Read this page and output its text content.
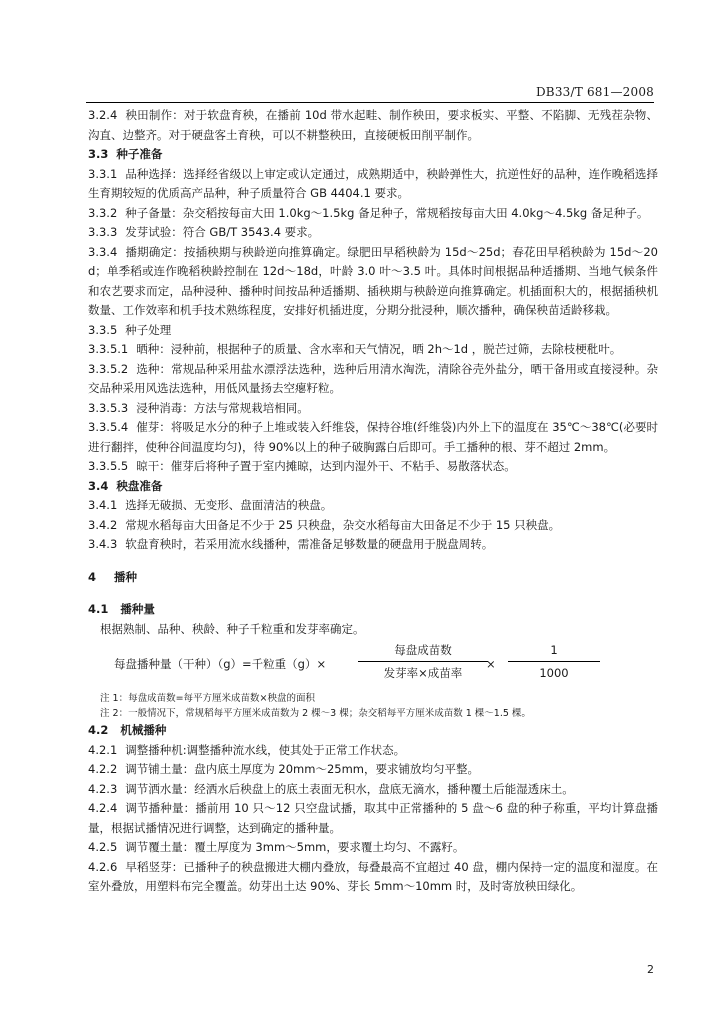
DB33/T 681—2008

3.2.4 秧田制作：对于软盘育秧，在播前 10d 带水起畦、制作秧田，要求板实、平整、不陷脚、无残茬杂物、沟直、边整齐。对于硬盘客土育秧，可以不耕整秧田，直接硬板田削平制作。

3.3 种子准备

3.3.1 品种选择：选择经省级以上审定或认定通过，成熟期适中，秧龄弹性大，抗逆性好的品种，连作晚稻选择生育期较短的优质高产品种，种子质量符合 GB 4404.1 要求。

3.3.2 种子备量：杂交稻按每亩大田 1.0kg～1.5kg 备足种子，常规稻按每亩大田 4.0kg～4.5kg 备足种子。

3.3.3 发芽试验：符合 GB/T 3543.4 要求。

3.3.4 播期确定：按插秧期与秧龄逆向推算确定。绿肥田早稻秧龄为 15d～25d；春花田早稻秧龄为 15d～20d；单季稻或连作晚稻秧龄控制在 12d～18d，叶龄 3.0 叶～3.5 叶。具体时间根据品种适播期、当地气候条件和农艺要求而定，品种浸种、播种时间按品种适播期、插秧期与秧龄逆向推算确定。机插面积大的，根据插秧机数量、工作效率和机手技术熟练程度，安排好机插进度，分期分批浸种，顺次播种，确保秧苗适龄移栽。

3.3.5 种子处理

3.3.5.1 晒种：浸种前，根据种子的质量、含水率和天气情况，晒 2h～1d ，脱芒过筛，去除枝梗秕叶。

3.3.5.2 选种：常规品种采用盐水漂浮法选种，选种后用清水淘洗，清除谷壳外盐分，晒干备用或直接浸种。杂交品种采用风选法选种，用低风量扬去空瘪籽粒。

3.3.5.3 浸种消毒：方法与常规栽培相同。

3.3.5.4 催芽：将吸足水分的种子上堆或装入纤维袋，保持谷堆(纤维袋)内外上下的温度在 35℃～38℃(必要时进行翻拌，使种谷间温度均匀)，待 90%以上的种子破胸露白后即可。手工播种的根、芽不超过 2mm。

3.3.5.5 晾干：催芽后将种子置于室内摊晾，达到内湿外干、不粘手、易散落状态。

3.4 秧盘准备

3.4.1 选择无破损、无变形、盘面清洁的秧盘。

3.4.2 常规水稻每亩大田备足不少于 25 只秧盘，杂交水稻每亩大田备足不少于 15 只秧盘。

3.4.3 软盘育秧时，若采用流水线播种，需准备足够数量的硬盘用于脱盘周转。

4 播种

4.1 播种量

根据熟制、品种、秧龄、种子千粒重和发芽率确定。

每盘播种量（干种）（g）=千粒重（g）×
每盘成苗数
发芽率×成苗率
×
1
1000

注 1：每盘成苗数=每平方厘米成苗数×秧盘的面积

注 2：一般情况下，常规稻每平方厘米成苗数为 2 棵～3 棵；杂交稻每平方厘米成苗数 1 棵～1.5 棵。

4.2 机械播种

4.2.1 调整播种机:调整播种流水线，使其处于正常工作状态。

4.2.2 调节铺土量：盘内底土厚度为 20mm～25mm，要求铺放均匀平整。

4.2.3 调节洒水量：经洒水后秧盘上的底土表面无积水，盘底无滴水，播种覆土后能湿透床土。

4.2.4 调节播种量：播前用 10 只～12 只空盘试播，取其中正常播种的 5 盘～6 盘的种子称重，平均计算盘播量，根据试播情况进行调整，达到确定的播种量。

4.2.5 调节覆土量：覆土厚度为 3mm～5mm，要求覆土均匀、不露籽。

4.2.6 早稻竖芽：已播种子的秧盘搬进大棚内叠放，每叠最高不宜超过 40 盘，棚内保持一定的温度和湿度。在室外叠放，用塑料布完全覆盖。幼芽出土达 90%、芽长 5mm～10mm 时，及时寄放秧田绿化。

2
